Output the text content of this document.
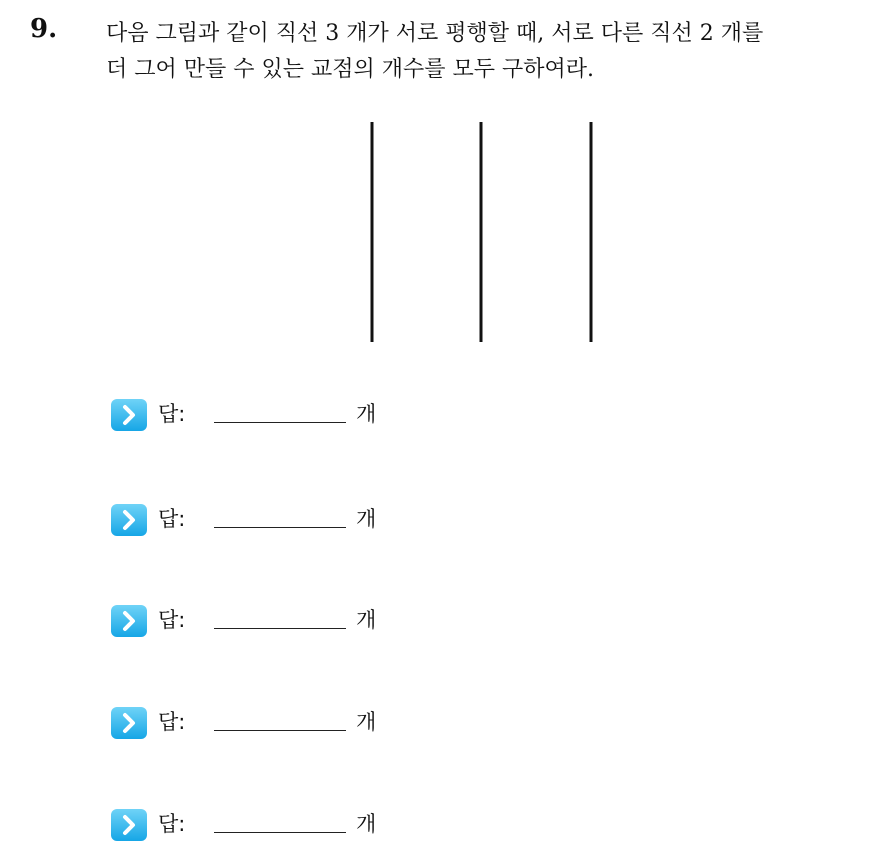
9. 다음 그림과 같이 직선 3 개가 서로 평행할 때, 서로 다른 직선 2 개를
더 그어 만들 수 있는 교점의 개수를 모두 구하여라.
답:	개
답:	개
답:	개
답:	개
답:	개
